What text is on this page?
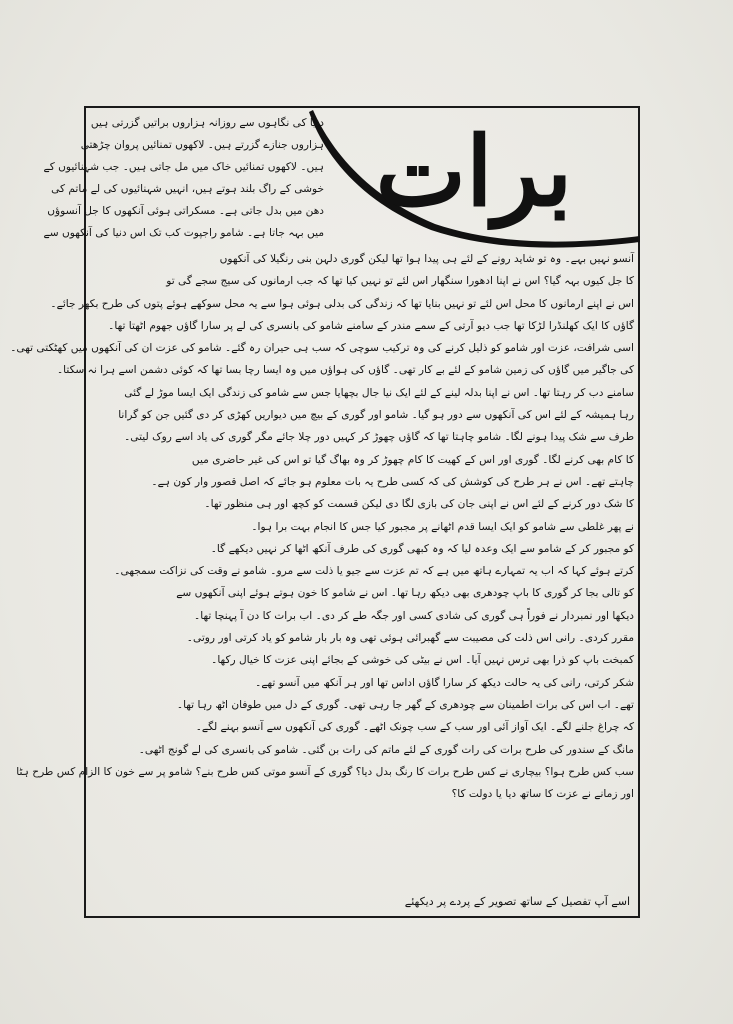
برات
دنیا کی نگاہوں سے روزانہ ہزاروں براتیں گزرتی ہیں
ہزاروں جنازے گزرتے ہیں۔ لاکھوں تمنائیں پروان چڑھتی
ہیں۔ لاکھوں تمنائیں خاک میں مل جاتی ہیں۔ جب شہنائیوں کے
خوشی کے راگ بلند ہوتے ہیں، انہیں شہنائیوں کی لے ماتم کی
دھن میں بدل جاتی ہے۔ مسکراتی ہوئی آنکھوں کا جل آنسوؤں
میں بہہ جاتا ہے۔ شامو راجپوت کب تک اس دنیا کی آنکھوں سے
آنسو نہیں بہے۔ وہ تو شاید رونے کے لئے ہی پیدا ہوا تھا لیکن گوری دلہن بنی رنگیلا کی آنکھوں
کا جل کیوں بہہ گیا؟ اس نے اپنا ادھورا سنگھار اس لئے تو نہیں کیا تھا کہ جب ارمانوں کی سیج سجے گی تو
اس نے اپنے ارمانوں کا محل اس لئے تو نہیں بنایا تھا کہ زندگی کی بدلی ہوئی ہوا سے یہ محل سوکھے ہوئے پتوں کی طرح بکھر جائے۔
گاؤں کا ایک کھلنڈرا لڑکا تھا جب دیو آرتی کے سمے مندر کے سامنے شامو کی بانسری کی لے پر سارا گاؤں جھوم اٹھتا تھا۔
اسی شرافت، عزت اور شامو کو ذلیل کرنے کی وہ ترکیب سوچی کہ سب ہی حیران رہ گئے۔ شامو کی عزت ان کی آنکھوں میں کھٹکتی تھی۔
کی جاگیر میں گاؤں کی زمین شامو کے لئے بے کار تھی۔ گاؤں کی ہواؤں میں وہ ایسا رچا بسا تھا کہ کوئی دشمن اسے ہرا نہ سکتا۔
سامنے دب کر رہتا تھا۔ اس نے اپنا بدلہ لینے کے لئے ایک نیا جال بچھایا جس سے شامو کی زندگی ایک ایسا موڑ لے گئی
رہا ہمیشہ کے لئے اس کی آنکھوں سے دور ہو گیا۔ شامو اور گوری کے بیچ میں دیواریں کھڑی کر دی گئیں جن کو گرانا
طرف سے شک پیدا ہونے لگا۔ شامو چاہتا تھا کہ گاؤں چھوڑ کر کہیں دور چلا جائے مگر گوری کی یاد اسے روک لیتی۔
کا کام بھی کرنے لگا۔ گوری اور اس کے کھیت کا کام چھوڑ کر وہ بھاگ گیا تو اس کی غیر حاضری میں
چاہتے تھے۔ اس نے ہر طرح کی کوشش کی کہ کسی طرح یہ بات معلوم ہو جائے کہ اصل قصور وار کون ہے۔
کا شک دور کرنے کے لئے اس نے اپنی جان کی بازی لگا دی لیکن قسمت کو کچھ اور ہی منظور تھا۔
نے پھر غلطی سے شامو کو ایک ایسا قدم اٹھانے پر مجبور کیا جس کا انجام بہت برا ہوا۔
کو مجبور کر کے شامو سے ایک وعدہ لیا کہ وہ کبھی گوری کی طرف آنکھ اٹھا کر نہیں دیکھے گا۔
کرتے ہوئے کہا کہ اب یہ تمہارے ہاتھ میں ہے کہ تم عزت سے جیو یا ذلت سے مرو۔ شامو نے وقت کی نزاکت سمجھی۔
کو تالی بجا کر گوری کا باپ چودھری بھی دیکھ رہا تھا۔ اس نے شامو کا خون ہوتے ہوئے اپنی آنکھوں سے
دیکھا اور نمبردار نے فوراً ہی گوری کی شادی کسی اور جگہ طے کر دی۔ اب برات کا دن آ پہنچا تھا۔
مقرر کردی۔ رانی اس ذلت کی مصیبت سے گھبرائی ہوئی تھی وہ بار بار شامو کو یاد کرتی اور روتی۔
کمبخت باپ کو ذرا بھی ترس نہیں آیا۔ اس نے بیٹی کی خوشی کے بجائے اپنی عزت کا خیال رکھا۔
شکر کرتی، رانی کی یہ حالت دیکھ کر سارا گاؤں اداس تھا اور ہر آنکھ میں آنسو تھے۔
تھے۔ اب اس کی برات اطمینان سے چودھری کے گھر جا رہی تھی۔ گوری کے دل میں طوفان اٹھ رہا تھا۔
کہ چراغ جلنے لگے۔ ایک آواز آئی اور سب کے سب چونک اٹھے۔ گوری کی آنکھوں سے آنسو بہنے لگے۔
مانگ کے سندور کی طرح برات کی رات گوری کے لئے ماتم کی رات بن گئی۔ شامو کی بانسری کی لے گونج اٹھی۔
سب کس طرح ہوا؟ بیچاری نے کس طرح برات کا رنگ بدل دیا؟ گوری کے آنسو موتی کس طرح بنے؟ شامو پر سے خون کا الزام کس طرح ہٹا
اور زمانے نے عزت کا ساتھ دیا یا دولت کا؟
اسے آپ تفصیل کے ساتھ تصویر کے پردے پر دیکھئے
